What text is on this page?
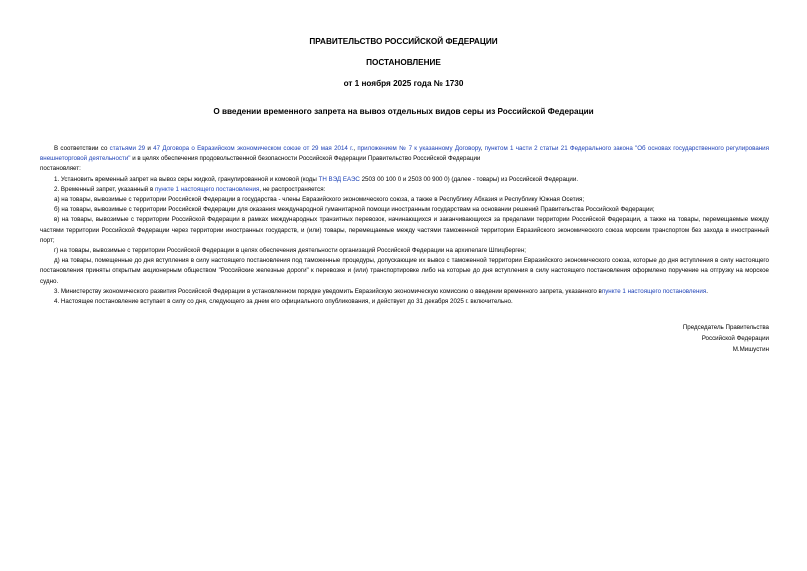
ПРАВИТЕЛЬСТВО РОССИЙСКОЙ ФЕДЕРАЦИИ
ПОСТАНОВЛЕНИЕ
от 1 ноября 2025 года № 1730
О введении временного запрета на вывоз отдельных видов серы из Российской Федерации

В соответствии со статьями 29 и 47 Договора о Евразийском экономическом союзе от 29 мая 2014 г., приложением № 7 к указанному Договору, пунктом 1 части 2 статьи 21 Федерального закона "Об основах государственного регулирования внешнеторговой деятельности" и в целях обеспечения продовольственной безопасности Российской Федерации Правительство Российской Федерации

постановляет:

1. Установить временный запрет на вывоз серы жидкой, гранулированной и комовой (коды ТН ВЭД ЕАЭС 2503 00 100 0 и 2503 00 900 0) (далее - товары) из Российской Федерации.

2. Временный запрет, указанный в пункте 1 настоящего постановления, не распространяется:

а) на товары, вывозимые с территории Российской Федерации в государства - члены Евразийского экономического союза, а также в Республику Абхазия и Республику Южная Осетия;

б) на товары, вывозимые с территории Российской Федерации для оказания международной гуманитарной помощи иностранным государствам на основании решений Правительства Российской Федерации;

в) на товары, вывозимые с территории Российской Федерации в рамках международных транзитных перевозок, начинающихся и заканчивающихся за пределами территории Российской Федерации, а также на товары, перемещаемые между частями территории Российской Федерации через территории иностранных государств, и (или) товары, перемещаемые между частями таможенной территории Евразийского экономического союза морским транспортом без захода в иностранный порт;

г) на товары, вывозимые с территории Российской Федерации в целях обеспечения деятельности организаций Российской Федерации на архипелаге Шпицберген;

д) на товары, помещенные до дня вступления в силу настоящего постановления под таможенные процедуры, допускающие их вывоз с таможенной территории Евразийского экономического союза, которые до дня вступления в силу настоящего постановления приняты открытым акционерным обществом "Российские железные дороги" к перевозке и (или) транспортировке либо на которые до дня вступления в силу настоящего постановления оформлено поручение на отгрузку на морское судно.

3. Министерству экономического развития Российской Федерации в установленном порядке уведомить Евразийскую экономическую комиссию о введении временного запрета, указанного впункте 1 настоящего постановления.

4. Настоящее постановление вступает в силу со дня, следующего за днем его официального опубликования, и действует до 31 декабря 2025 г. включительно.

Председатель Правительства
Российской Федерации
М.Мишустин
